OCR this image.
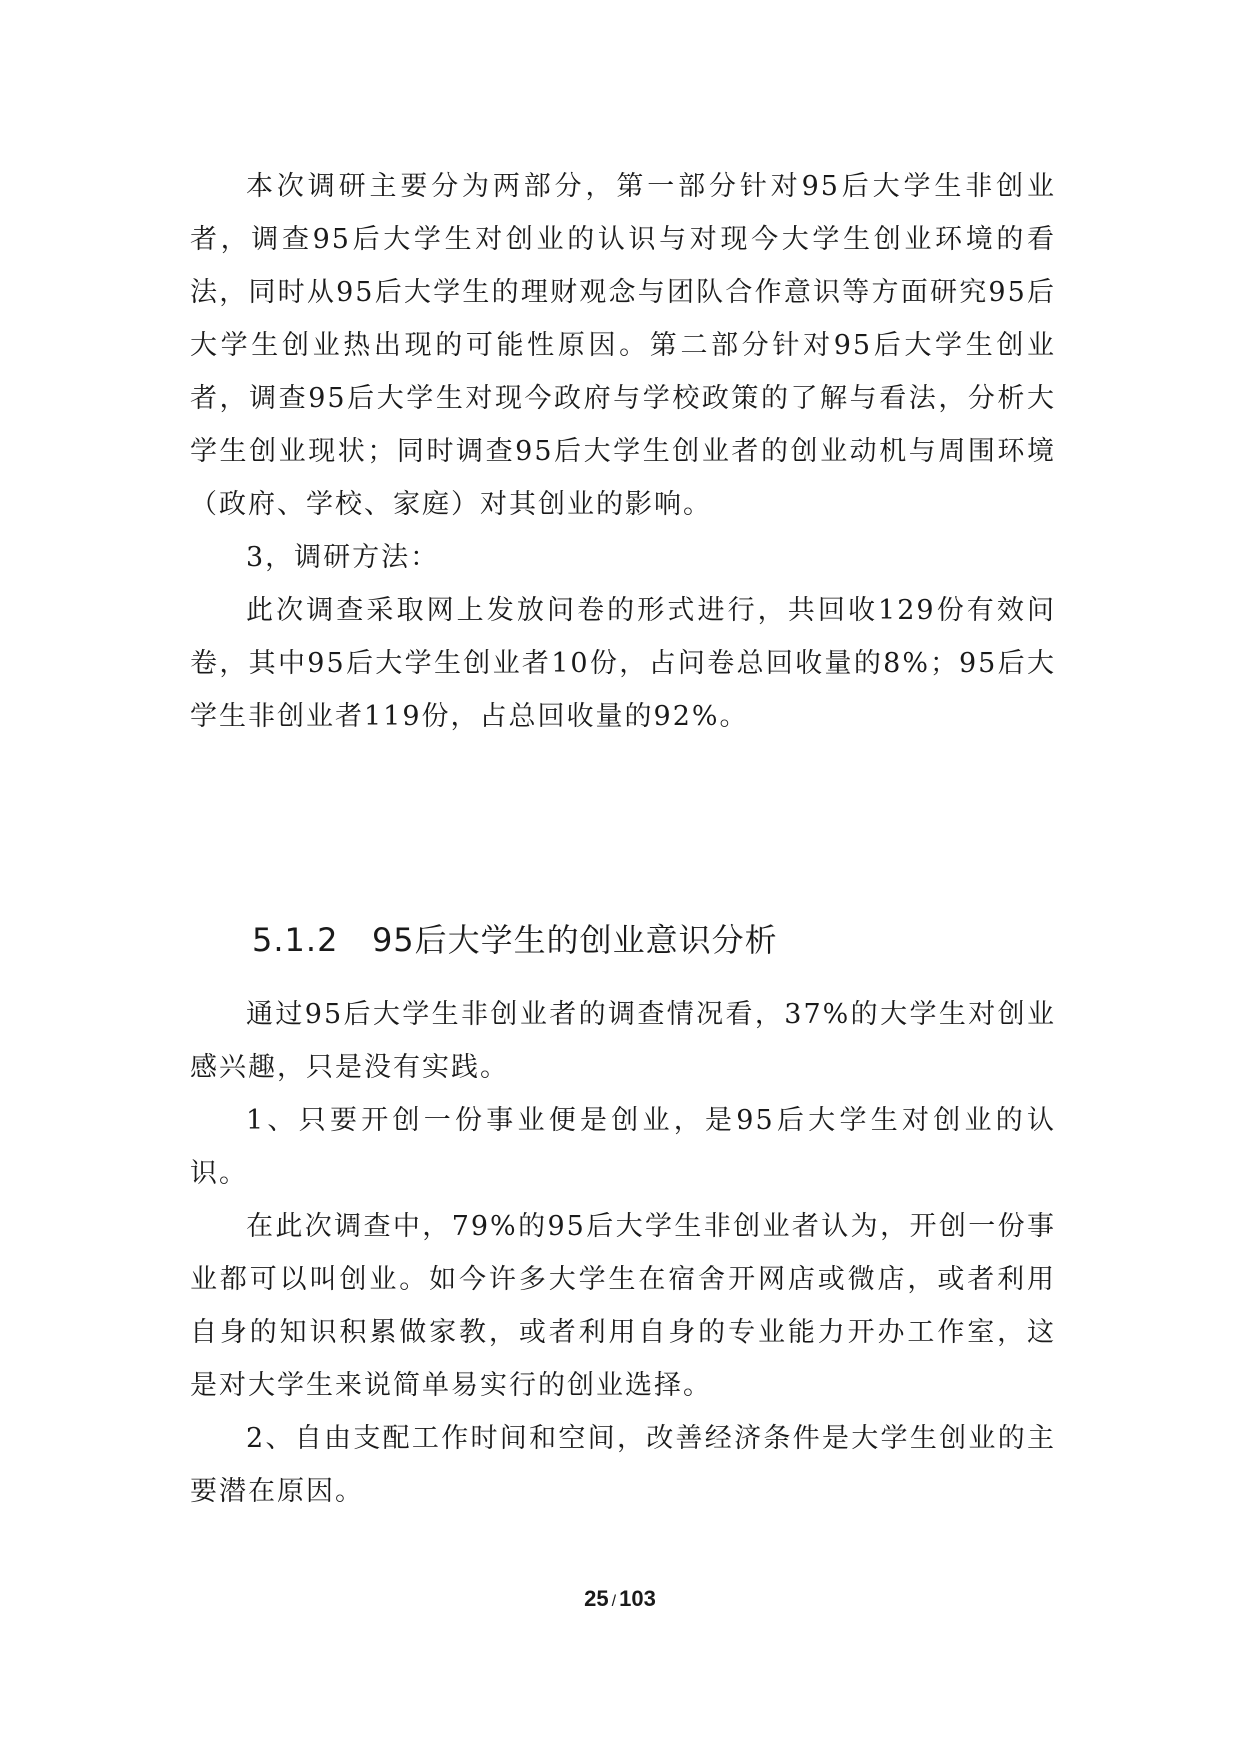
本次调研主要分为两部分，第一部分针对95后大学生非创业者，调查95后大学生对创业的认识与对现今大学生创业环境的看法，同时从95后大学生的理财观念与团队合作意识等方面研究95后大学生创业热出现的可能性原因。第二部分针对95后大学生创业者，调查95后大学生对现今政府与学校政策的了解与看法，分析大学生创业现状；同时调查95后大学生创业者的创业动机与周围环境（政府、学校、家庭）对其创业的影响。

3，调研方法：

此次调查采取网上发放问卷的形式进行，共回收129份有效问卷，其中95后大学生创业者10份，占问卷总回收量的8%；95后大学生非创业者119份，占总回收量的92%。

5.1.2 95后大学生的创业意识分析

通过95后大学生非创业者的调查情况看，37%的大学生对创业感兴趣，只是没有实践。

1、只要开创一份事业便是创业，是95后大学生对创业的认识。

在此次调查中，79%的95后大学生非创业者认为，开创一份事业都可以叫创业。如今许多大学生在宿舍开网店或微店，或者利用自身的知识积累做家教，或者利用自身的专业能力开办工作室，这是对大学生来说简单易实行的创业选择。

2、自由支配工作时间和空间，改善经济条件是大学生创业的主要潜在原因。

25 / 103
